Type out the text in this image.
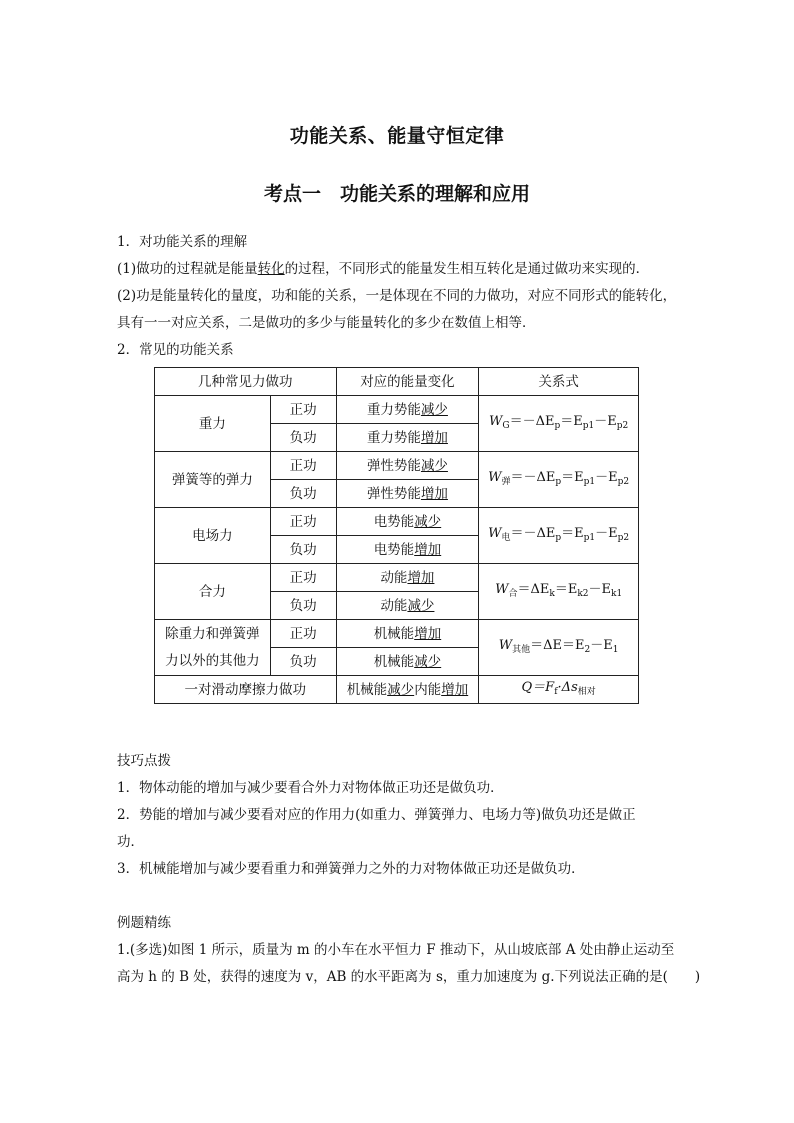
功能关系、能量守恒定律
考点一　功能关系的理解和应用
1．对功能关系的理解
(1)做功的过程就是能量转化的过程，不同形式的能量发生相互转化是通过做功来实现的．
(2)功是能量转化的量度，功和能的关系，一是体现在不同的力做功，对应不同形式的能转化，
具有一一对应关系，二是做功的多少与能量转化的多少在数值上相等．
2．常见的功能关系
几种常见力做功		对应的能量变化	关系式
重力	正功	重力势能减少	$W_G=-\Delta E_p=E_{p1}-E_{p2}$
	负功	重力势能增加	
弹簧等的弹力	正功	弹性势能减少	$W_弹=-\Delta E_p=E_{p1}-E_{p2}$
	负功	弹性势能增加	
电场力	正功	电势能减少	$W_电=-\Delta E_p=E_{p1}-E_{p2}$
	负功	电势能增加	
合力	正功	动能增加	$W_合=\Delta E_k=E_{k2}-E_{k1}$
	负功	动能减少	
除重力和弹簧弹
力以外的其他力	正功	机械能增加	$W_{其他}=\Delta E=E_2-E_1$
	负功	机械能减少	
一对滑动摩擦力做功		机械能减少内能增加	$Q=F_f\cdot\Delta s_{相对}$
技巧点拨
1．物体动能的增加与减少要看合外力对物体做正功还是做负功．
2．势能的增加与减少要看对应的作用力(如重力、弹簧弹力、电场力等)做负功还是做正
功．
3．机械能增加与减少要看重力和弹簧弹力之外的力对物体做正功还是做负功．
例题精练
1.(多选)如图 1 所示，质量为 m 的小车在水平恒力 F 推动下，从山坡底部 A 处由静止运动至
高为 h 的 B 处，获得的速度为 v，AB 的水平距离为 s，重力加速度为 g.下列说法正确的是(　　)
